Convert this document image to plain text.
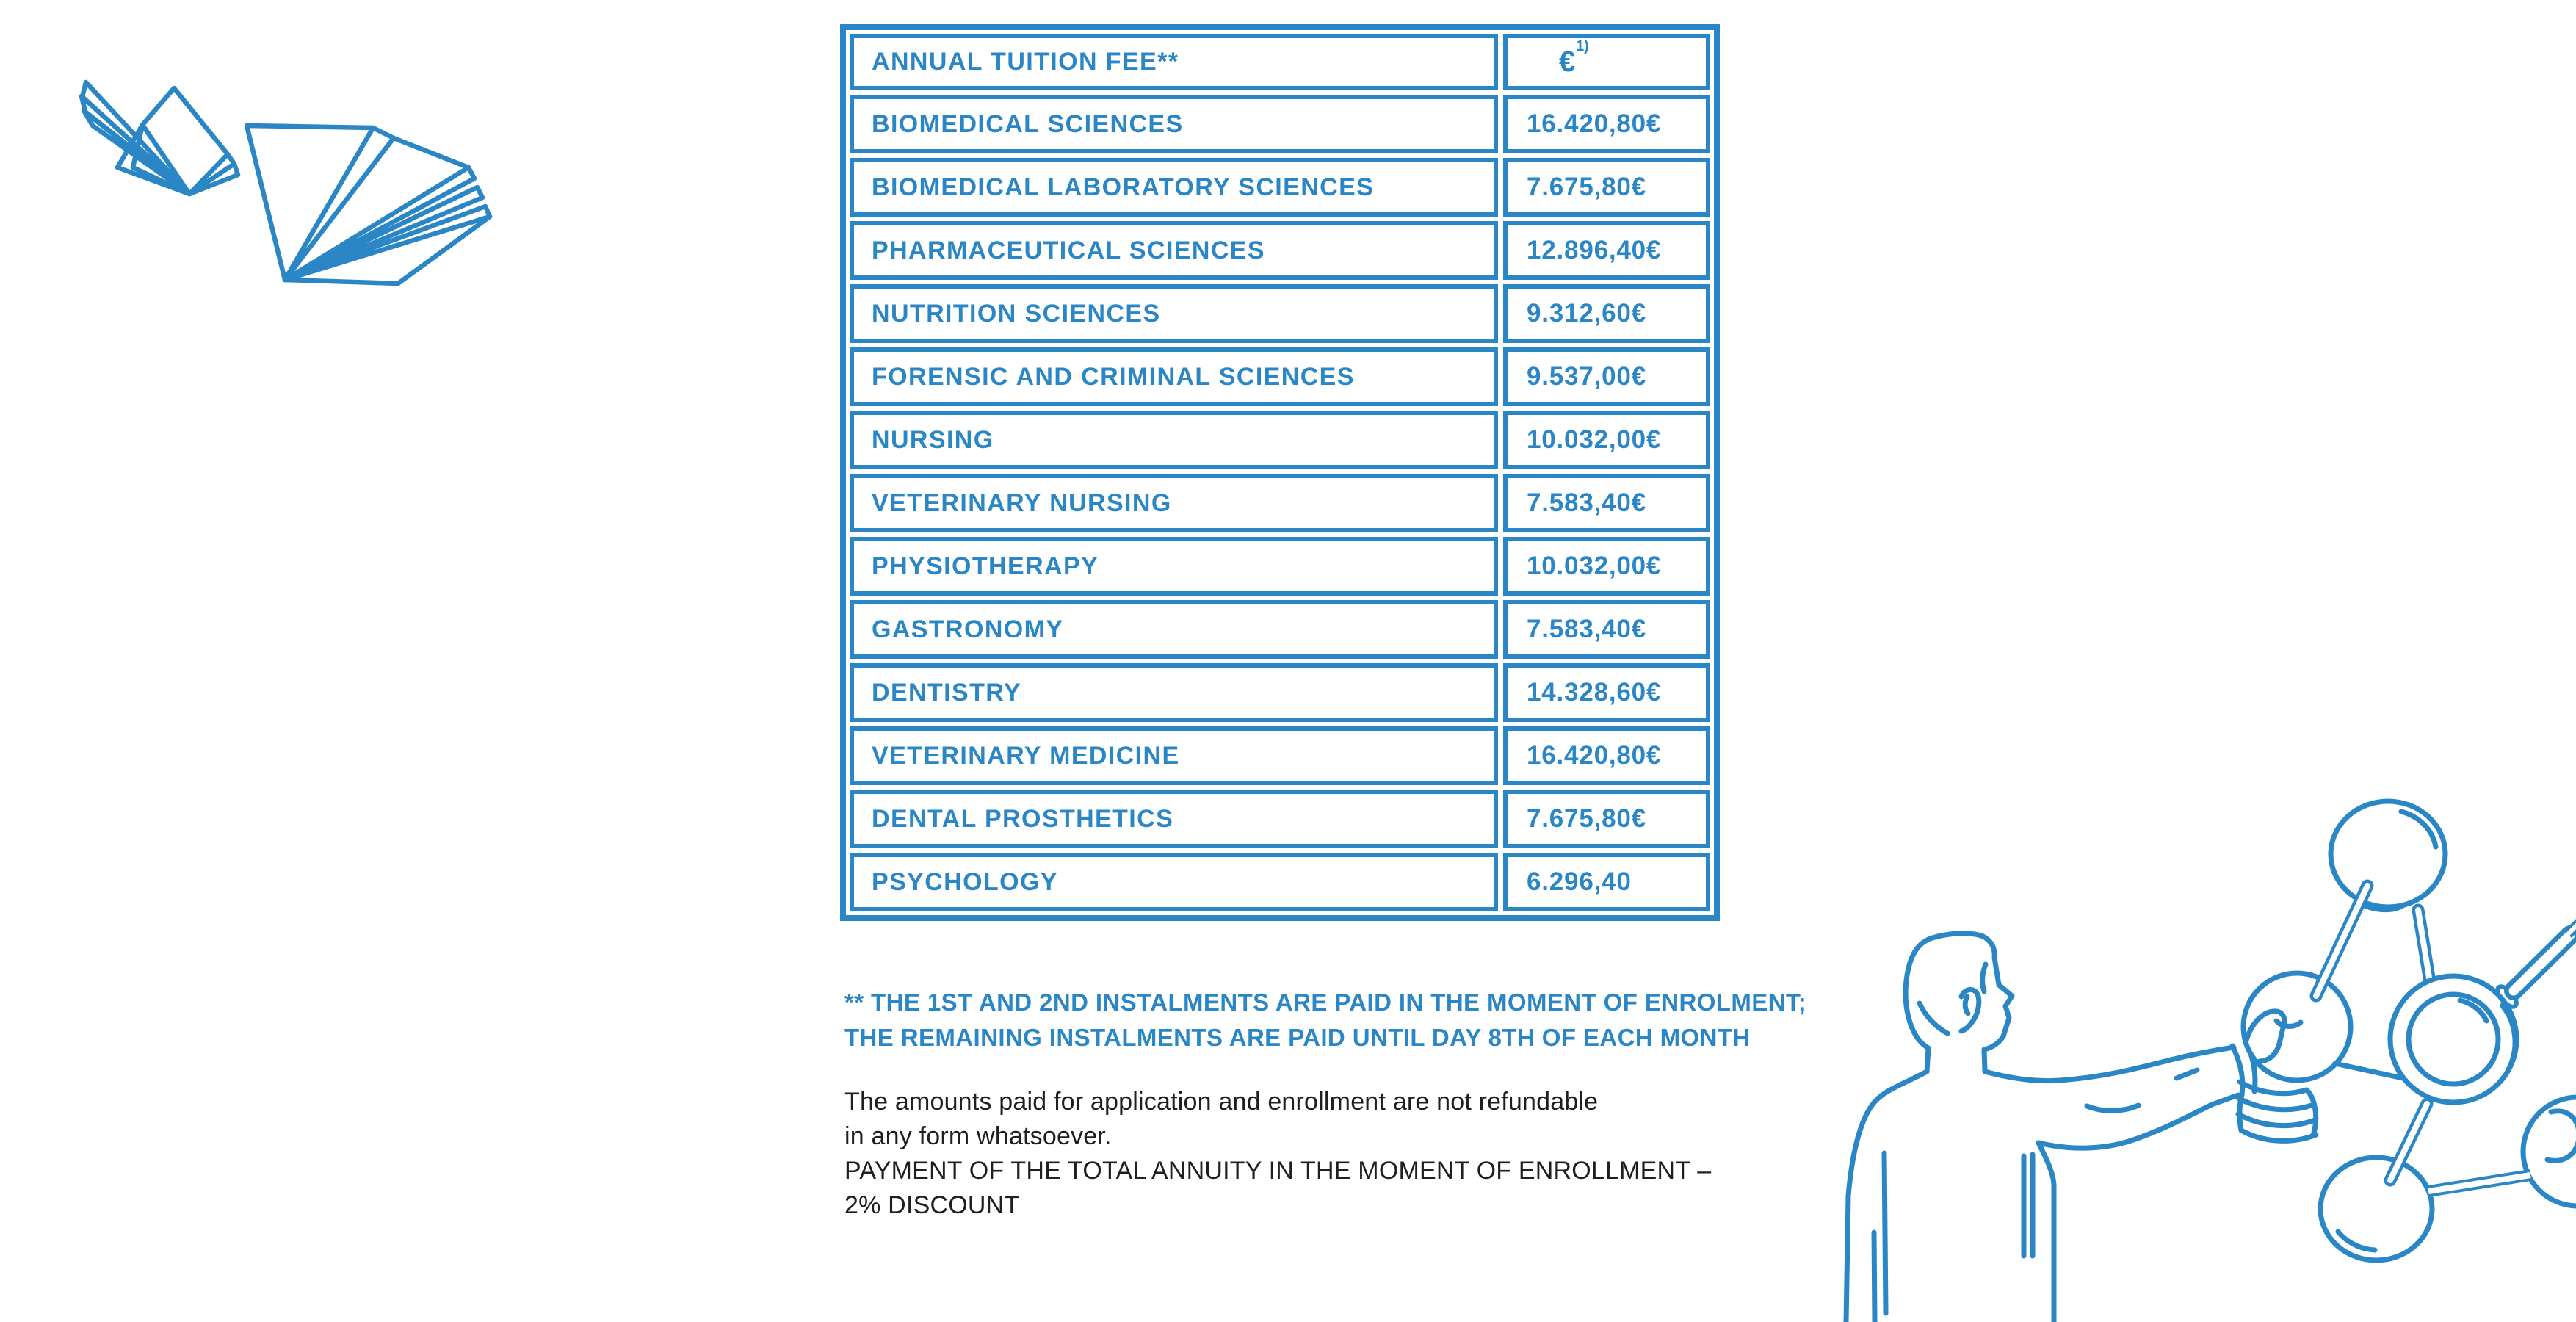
ANNUAL TUITION FEE**	€$^{1)}$
BIOMEDICAL SCIENCES	16.420,80€
BIOMEDICAL LABORATORY SCIENCES	7.675,80€
PHARMACEUTICAL SCIENCES	12.896,40€
NUTRITION SCIENCES	9.312,60€
FORENSIC AND CRIMINAL SCIENCES	9.537,00€
NURSING	10.032,00€
VETERINARY NURSING	7.583,40€
PHYSIOTHERAPY	10.032,00€
GASTRONOMY	7.583,40€
DENTISTRY	14.328,60€
VETERINARY MEDICINE	16.420,80€
DENTAL PROSTHETICS	7.675,80€
PSYCHOLOGY	6.296,40
** THE 1ST AND 2ND INSTALMENTS ARE PAID IN THE MOMENT OF ENROLMENT;
THE REMAINING INSTALMENTS ARE PAID UNTIL DAY 8TH OF EACH MONTH
The amounts paid for application and enrollment are not refundable
in any form whatsoever.
PAYMENT OF THE TOTAL ANNUITY IN THE MOMENT OF ENROLLMENT –
2% DISCOUNT
